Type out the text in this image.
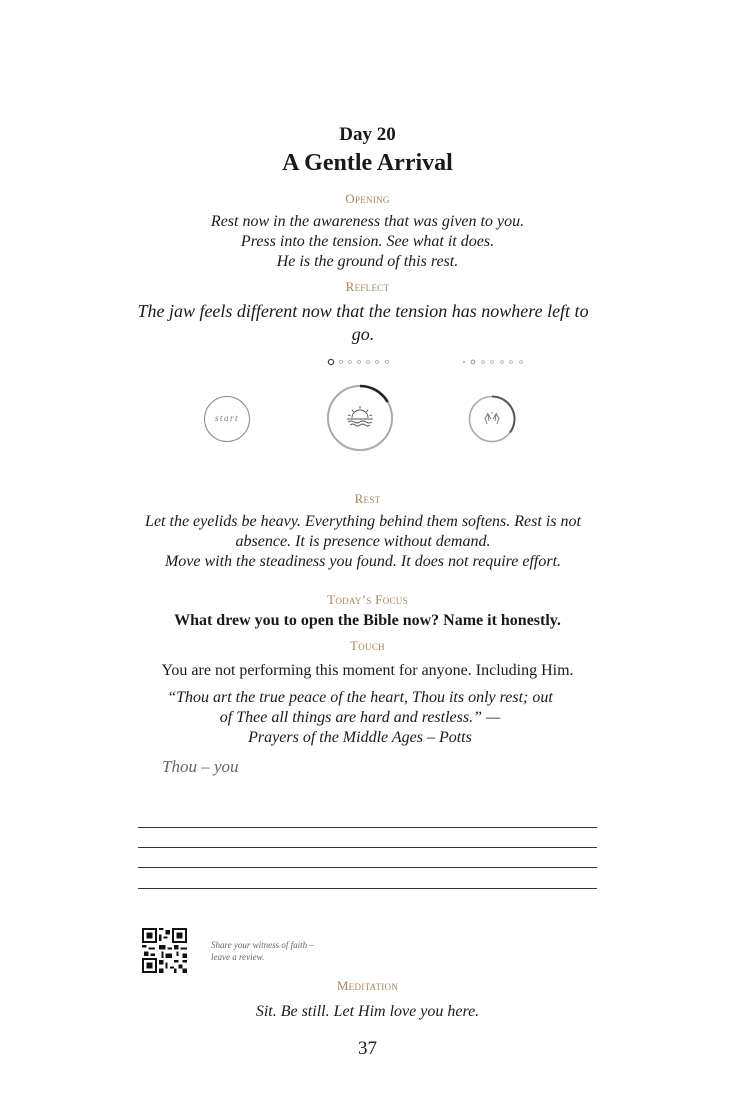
Day 20
A Gentle Arrival
Opening
Rest now in the awareness that was given to you.
Press into the tension. See what it does.
He is the ground of this rest.
Reflect
The jaw feels different now that the tension has nowhere left to go.
start
Rest
Let the eyelids be heavy. Everything behind them softens. Rest is not absence. It is presence without demand.
Move with the steadiness you found. It does not require effort.
Today’s Focus
What drew you to open the Bible now? Name it honestly.
Touch
You are not performing this moment for anyone. Including Him.
“Thou art the true peace of the heart, Thou its only rest; out
of Thee all things are hard and restless.” —
Prayers of the Middle Ages – Potts
Thou – you
Share your witness of faith –
leave a review.
Meditation
Sit. Be still. Let Him love you here.
37
